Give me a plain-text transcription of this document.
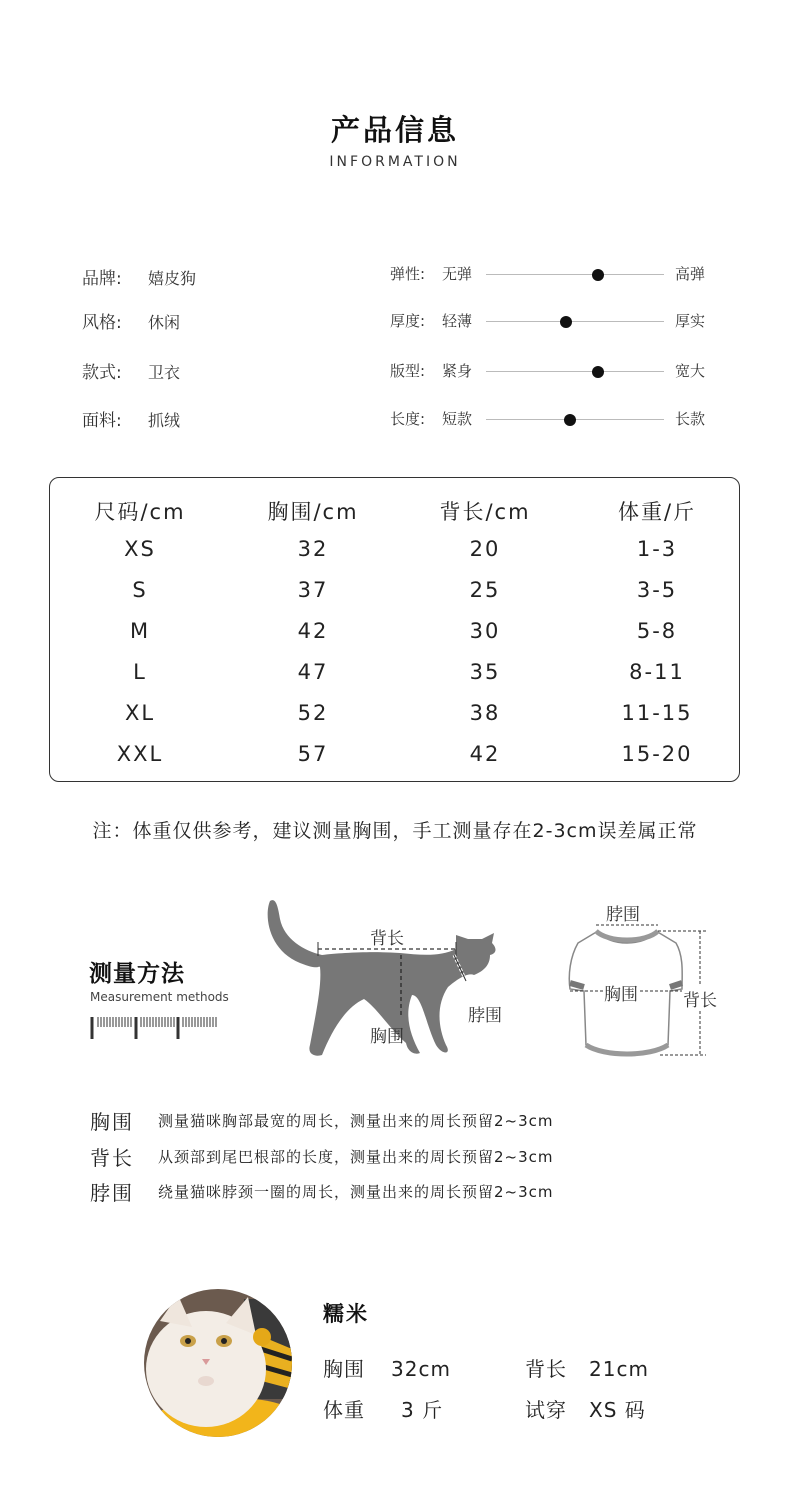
产品信息
INFORMATION
品牌: 嬉皮狗
风格: 休闲
款式: 卫衣
面料: 抓绒
弹性: 无弹	高弹
厚度: 轻薄	厚实
版型: 紧身	宽大
长度: 短款	长款
尺码/cm	胸围/cm	背长/cm	体重/斤
XS	32	20	1-3
S	37	25	3-5
M	42	30	5-8
L	47	35	8-11
XL	52	38	11-15
XXL	57	42	15-20
注：体重仅供参考，建议测量胸围，手工测量存在2-3cm误差属正常
测量方法
Measurement methods
背长
胸围
脖围
脖围
胸围	背长
胸围 测量猫咪胸部最宽的周长，测量出来的周长预留2~3cm
背长 从颈部到尾巴根部的长度，测量出来的周长预留2~3cm
脖围 绕量猫咪脖颈一圈的周长，测量出来的周长预留2~3cm
糯米
胸围 32cm	背长 21cm
体重 3 斤	试穿 XS 码
